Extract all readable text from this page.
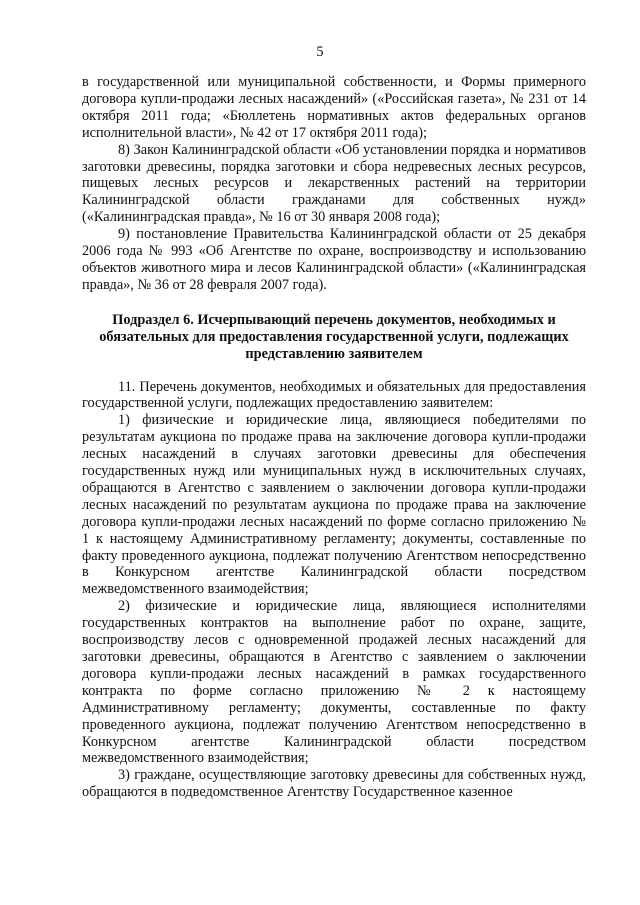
5

в государственной или муниципальной собственности, и Формы примерного договора купли-продажи лесных насаждений» («Российская газета», № 231 от 14 октября 2011 года; «Бюллетень нормативных актов федеральных органов исполнительной власти», № 42 от 17 октября 2011 года);

8) Закон Калининградской области «Об установлении порядка и нормативов заготовки древесины, порядка заготовки и сбора недревесных лесных ресурсов, пищевых лесных ресурсов и лекарственных растений на территории Калининградской области гражданами для собственных нужд» («Калининградская правда», № 16 от 30 января 2008 года);

9) постановление Правительства Калининградской области от 25 декабря 2006 года № 993 «Об Агентстве по охране, воспроизводству и использованию объектов животного мира и лесов Калининградской области» («Калининградская правда», № 36 от 28 февраля 2007 года).

Подраздел 6. Исчерпывающий перечень документов, необходимых и обязательных для предоставления государственной услуги, подлежащих представлению заявителем

11. Перечень документов, необходимых и обязательных для предоставления государственной услуги, подлежащих предоставлению заявителем:

1) физические и юридические лица, являющиеся победителями по результатам аукциона по продаже права на заключение договора купли-продажи лесных насаждений в случаях заготовки древесины для обеспечения государственных нужд или муниципальных нужд в исключительных случаях, обращаются в Агентство с заявлением о заключении договора купли-продажи лесных насаждений по результатам аукциона по продаже права на заключение договора купли-продажи лесных насаждений по форме согласно приложению № 1 к настоящему Административному регламенту; документы, составленные по факту проведенного аукциона, подлежат получению Агентством непосредственно в Конкурсном агентстве Калининградской области посредством межведомственного взаимодействия;

2) физические и юридические лица, являющиеся исполнителями государственных контрактов на выполнение работ по охране, защите, воспроизводству лесов с одновременной продажей лесных насаждений для заготовки древесины, обращаются в Агентство с заявлением о заключении договора купли-продажи лесных насаждений в рамках государственного контракта по форме согласно приложению № 2 к настоящему Административному регламенту; документы, составленные по факту проведенного аукциона, подлежат получению Агентством непосредственно в Конкурсном агентстве Калининградской области посредством межведомственного взаимодействия;

3) граждане, осуществляющие заготовку древесины для собственных нужд, обращаются в подведомственное Агентству Государственное казенное
